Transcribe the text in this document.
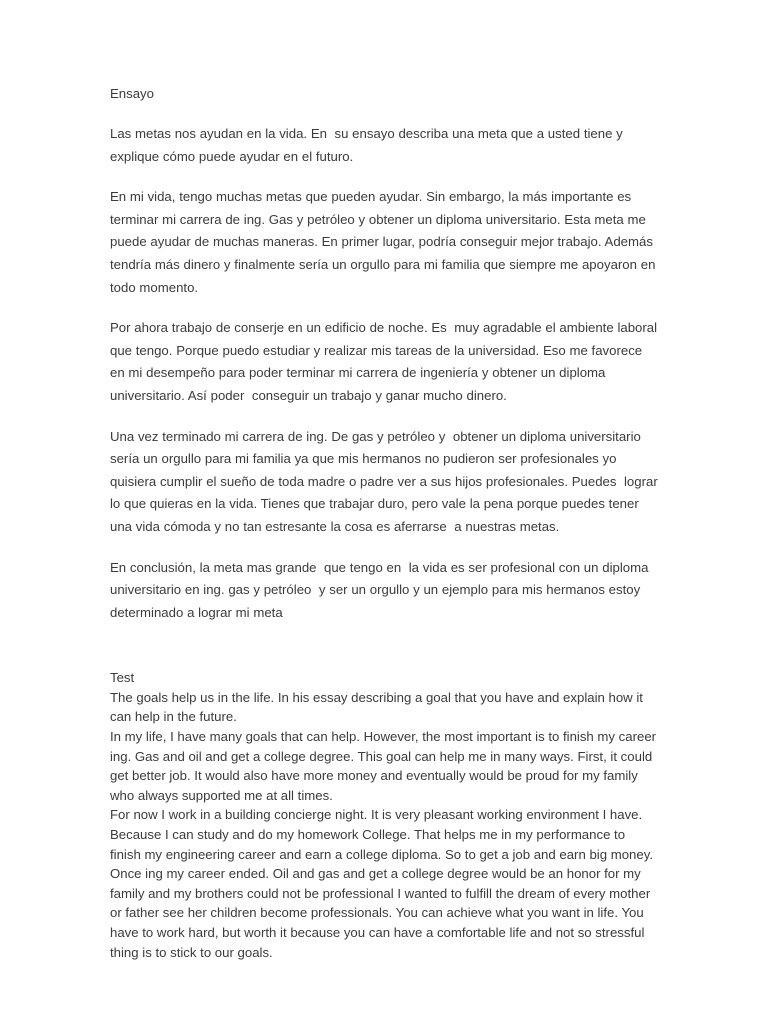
Ensayo

Las metas nos ayudan en la vida. En  su ensayo describa una meta que a usted tiene y explique cómo puede ayudar en el futuro.

En mi vida, tengo muchas metas que pueden ayudar. Sin embargo, la más importante es terminar mi carrera de ing. Gas y petróleo y obtener un diploma universitario. Esta meta me puede ayudar de muchas maneras. En primer lugar, podría conseguir mejor trabajo. Además tendría más dinero y finalmente sería un orgullo para mi familia que siempre me apoyaron en todo momento.

Por ahora trabajo de conserje en un edificio de noche. Es  muy agradable el ambiente laboral que tengo. Porque puedo estudiar y realizar mis tareas de la universidad. Eso me favorece en mi desempeño para poder terminar mi carrera de ingeniería y obtener un diploma universitario. Así poder  conseguir un trabajo y ganar mucho dinero.

Una vez terminado mi carrera de ing. De gas y petróleo y  obtener un diploma universitario sería un orgullo para mi familia ya que mis hermanos no pudieron ser profesionales yo quisiera cumplir el sueño de toda madre o padre ver a sus hijos profesionales. Puedes  lograr lo que quieras en la vida. Tienes que trabajar duro, pero vale la pena porque puedes tener una vida cómoda y no tan estresante la cosa es aferrarse  a nuestras metas.

En conclusión, la meta mas grande  que tengo en  la vida es ser profesional con un diploma universitario en ing. gas y petróleo  y ser un orgullo y un ejemplo para mis hermanos estoy determinado a lograr mi meta

Test

The goals help us in the life. In his essay describing a goal that you have and explain how it can help in the future.

In my life, I have many goals that can help. However, the most important is to finish my career ing. Gas and oil and get a college degree. This goal can help me in many ways. First, it could get better job. It would also have more money and eventually would be proud for my family who always supported me at all times.

For now I work in a building concierge night. It is very pleasant working environment I have. Because I can study and do my homework College. That helps me in my performance to finish my engineering career and earn a college diploma. So to get a job and earn big money.

Once ing my career ended. Oil and gas and get a college degree would be an honor for my family and my brothers could not be professional I wanted to fulfill the dream of every mother or father see her children become professionals. You can achieve what you want in life. You have to work hard, but worth it because you can have a comfortable life and not so stressful thing is to stick to our goals.
